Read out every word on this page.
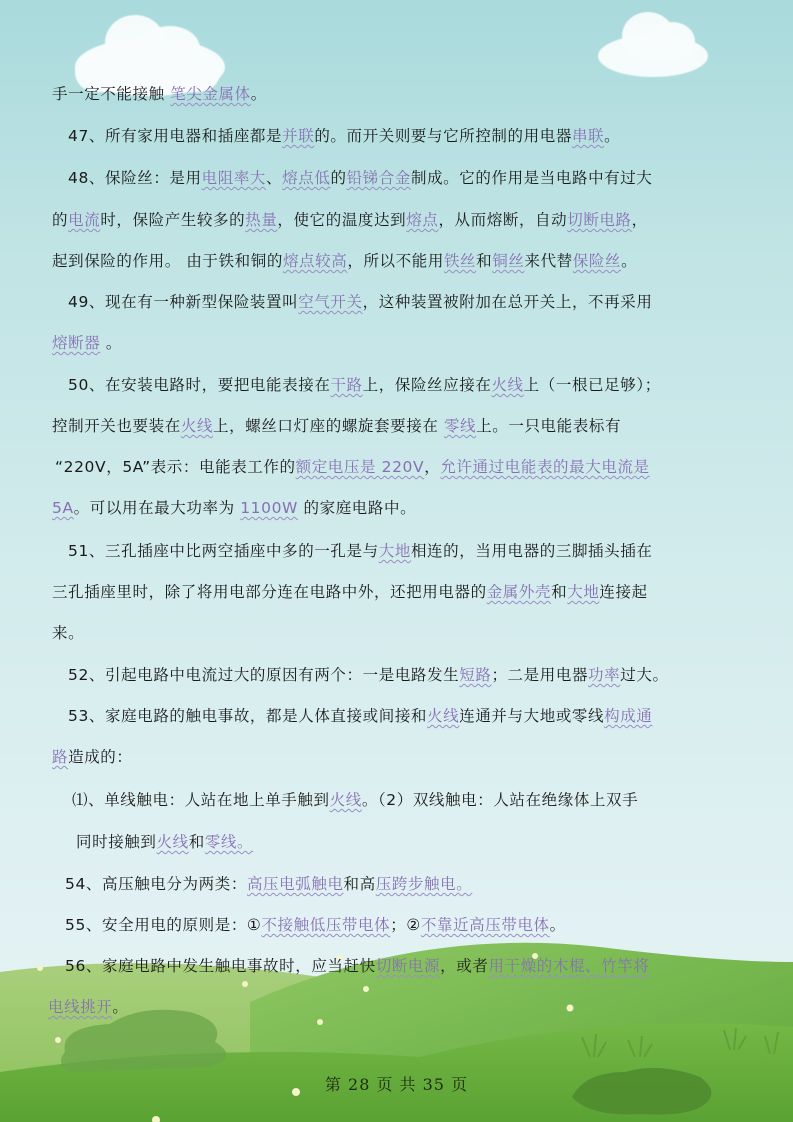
手一定不能接触 笔尖金属体。
47、所有家用电器和插座都是并联的。而开关则要与它所控制的用电器串联。
48、保险丝：是用电阻率大、熔点低的铅锑合金制成。它的作用是当电路中有过大
的电流时，保险产生较多的热量，使它的温度达到熔点，从而熔断，自动切断电路，
起到保险的作用。 由于铁和铜的熔点较高，所以不能用铁丝和铜丝来代替保险丝。
49、现在有一种新型保险装置叫空气开关，这种装置被附加在总开关上，不再采用
熔断器 。
50、在安装电路时，要把电能表接在干路上，保险丝应接在火线上（一根已足够）；
控制开关也要装在火线上，螺丝口灯座的螺旋套要接在 零线上。一只电能表标有
“220V，5A”表示：电能表工作的额定电压是 220V，允许通过电能表的最大电流是
5A。可以用在最大功率为 1100W 的家庭电路中。
51、三孔插座中比两空插座中多的一孔是与大地相连的，当用电器的三脚插头插在
三孔插座里时，除了将用电部分连在电路中外，还把用电器的金属外壳和大地连接起
来。
52、引起电路中电流过大的原因有两个：一是电路发生短路；二是用电器功率过大。
53、家庭电路的触电事故，都是人体直接或间接和火线连通并与大地或零线构成通
路造成的：
⑴、单线触电：人站在地上单手触到火线。（2）双线触电：人站在绝缘体上双手
同时接触到火线和零线。
54、高压触电分为两类：高压电弧触电和高压跨步触电。
55、安全用电的原则是：①不接触低压带电体；②不靠近高压带电体。
56、家庭电路中发生触电事故时，应当赶快切断电源，或者用干燥的木棍、竹竿将
电线挑开。
第 28 页 共 35 页
